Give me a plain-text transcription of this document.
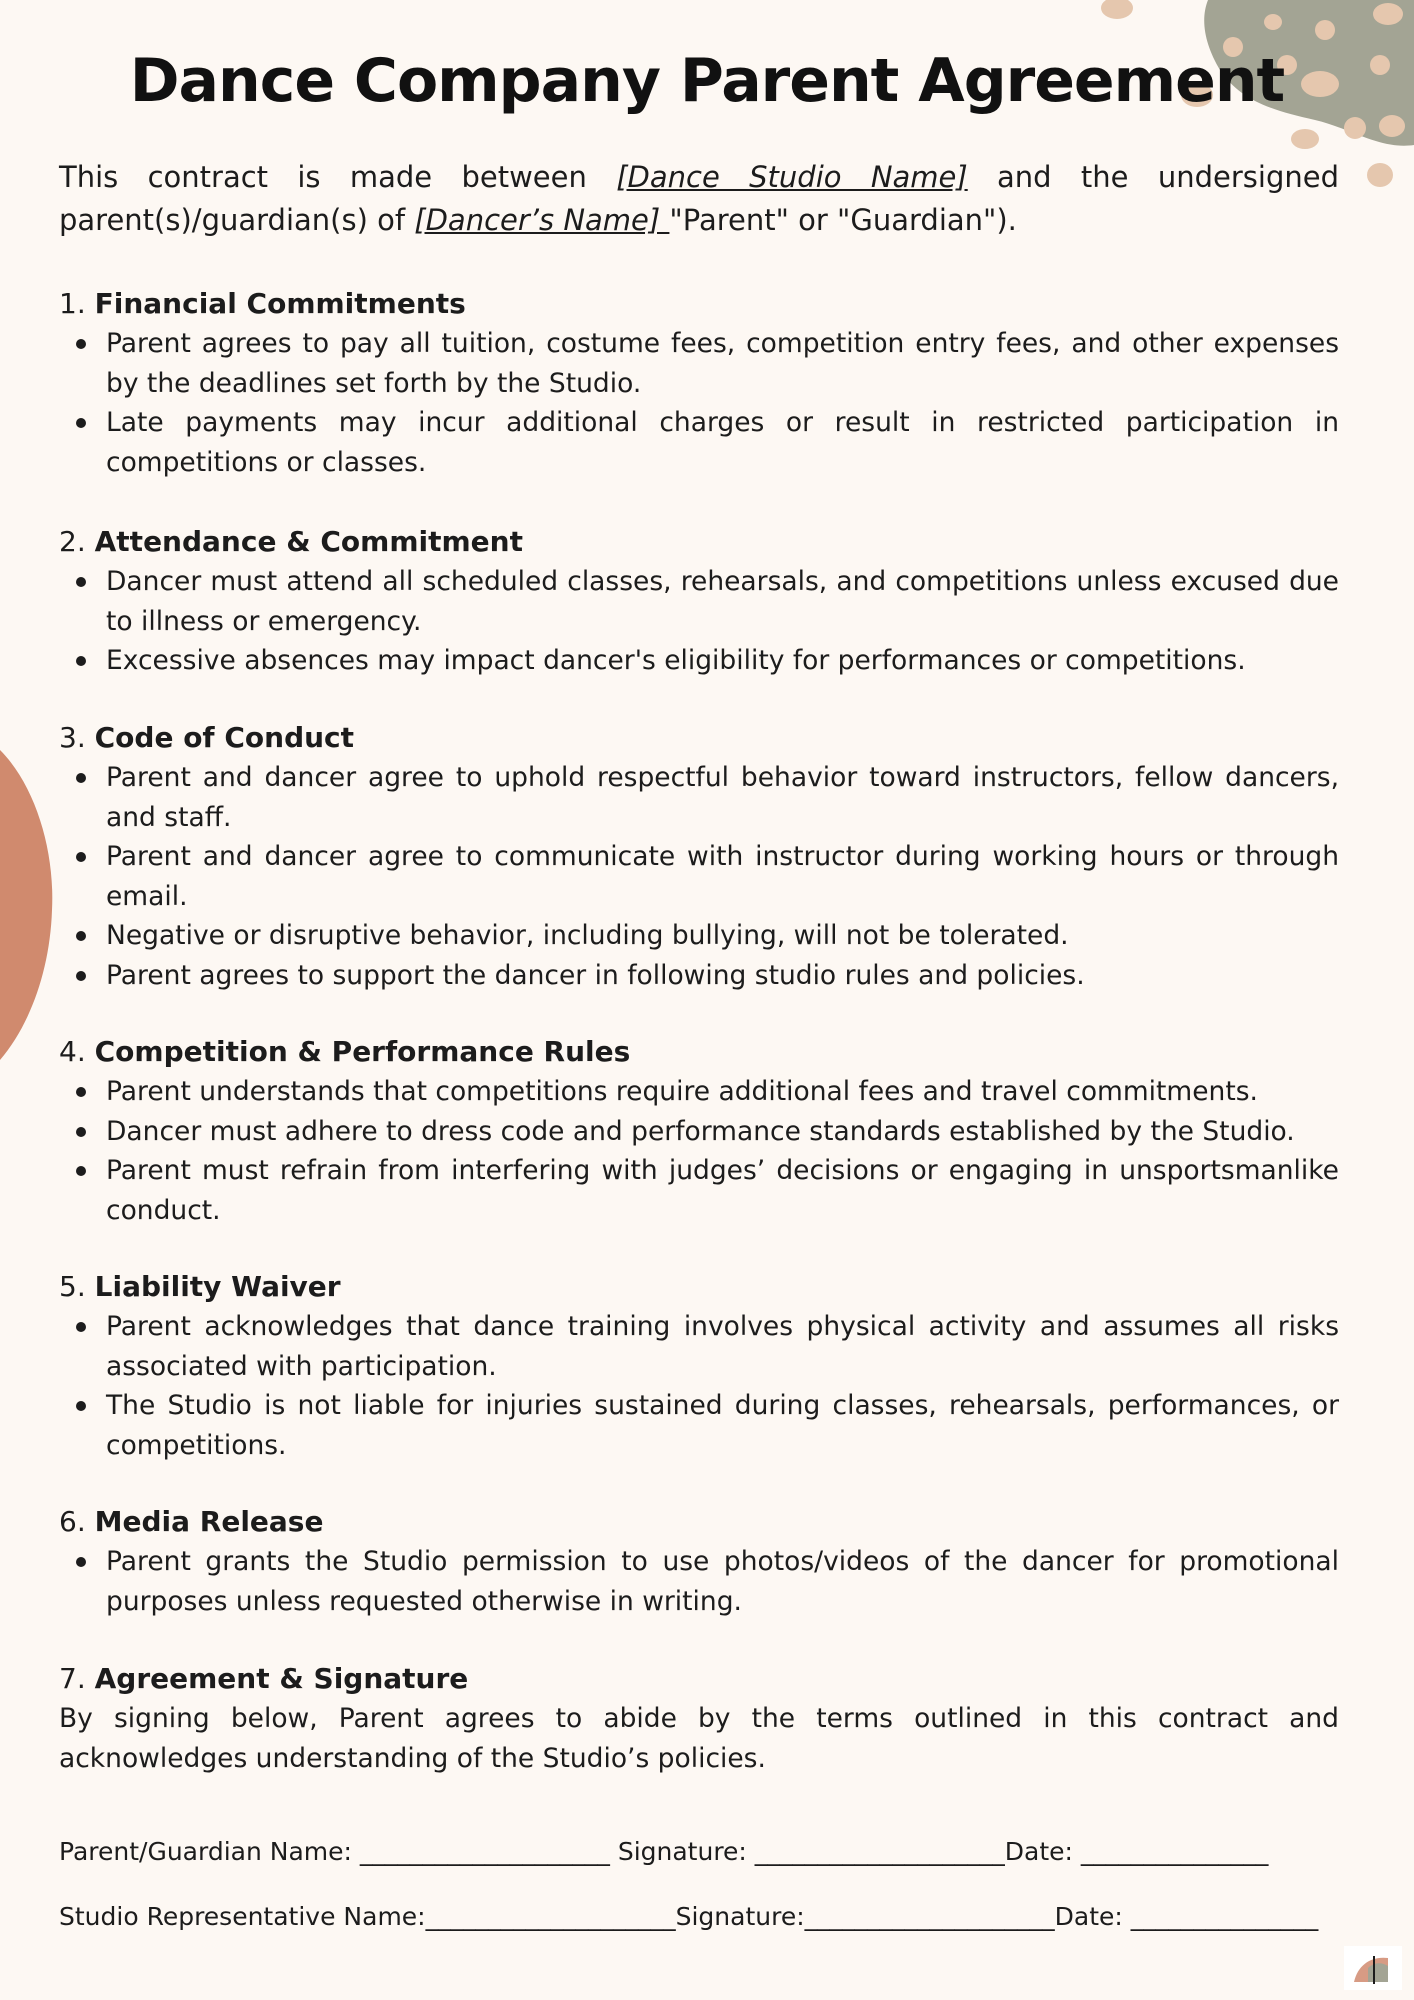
Dance Company Parent Agreement

This contract is made between [Dance Studio Name] and the undersigned parent(s)/guardian(s) of [Dancer’s Name] "Parent" or "Guardian").

1. Financial Commitments

Parent agrees to pay all tuition, costume fees, competition entry fees, and other expenses by the deadlines set forth by the Studio.
Late payments may incur additional charges or result in restricted participation in competitions or classes.

2. Attendance & Commitment

Dancer must attend all scheduled classes, rehearsals, and competitions unless excused due to illness or emergency.
Excessive absences may impact dancer's eligibility for performances or competitions.

3. Code of Conduct

Parent and dancer agree to uphold respectful behavior toward instructors, fellow dancers, and staff.
Parent and dancer agree to communicate with instructor during working hours or through email.
Negative or disruptive behavior, including bullying, will not be tolerated.
Parent agrees to support the dancer in following studio rules and policies.

4. Competition & Performance Rules

Parent understands that competitions require additional fees and travel commitments.
Dancer must adhere to dress code and performance standards established by the Studio.
Parent must refrain from interfering with judges’ decisions or engaging in unsportsmanlike conduct.

5. Liability Waiver

Parent acknowledges that dance training involves physical activity and assumes all risks associated with participation.
The Studio is not liable for injuries sustained during classes, rehearsals, performances, or competitions.

6. Media Release

Parent grants the Studio permission to use photos/videos of the dancer for promotional purposes unless requested otherwise in writing.

7. Agreement & Signature

By signing below, Parent agrees to abide by the terms outlined in this contract and acknowledges understanding of the Studio’s policies.

Parent/Guardian Name: ____________________ Signature: ____________________Date: _______________
Studio Representative Name:____________________Signature:____________________Date: _______________
